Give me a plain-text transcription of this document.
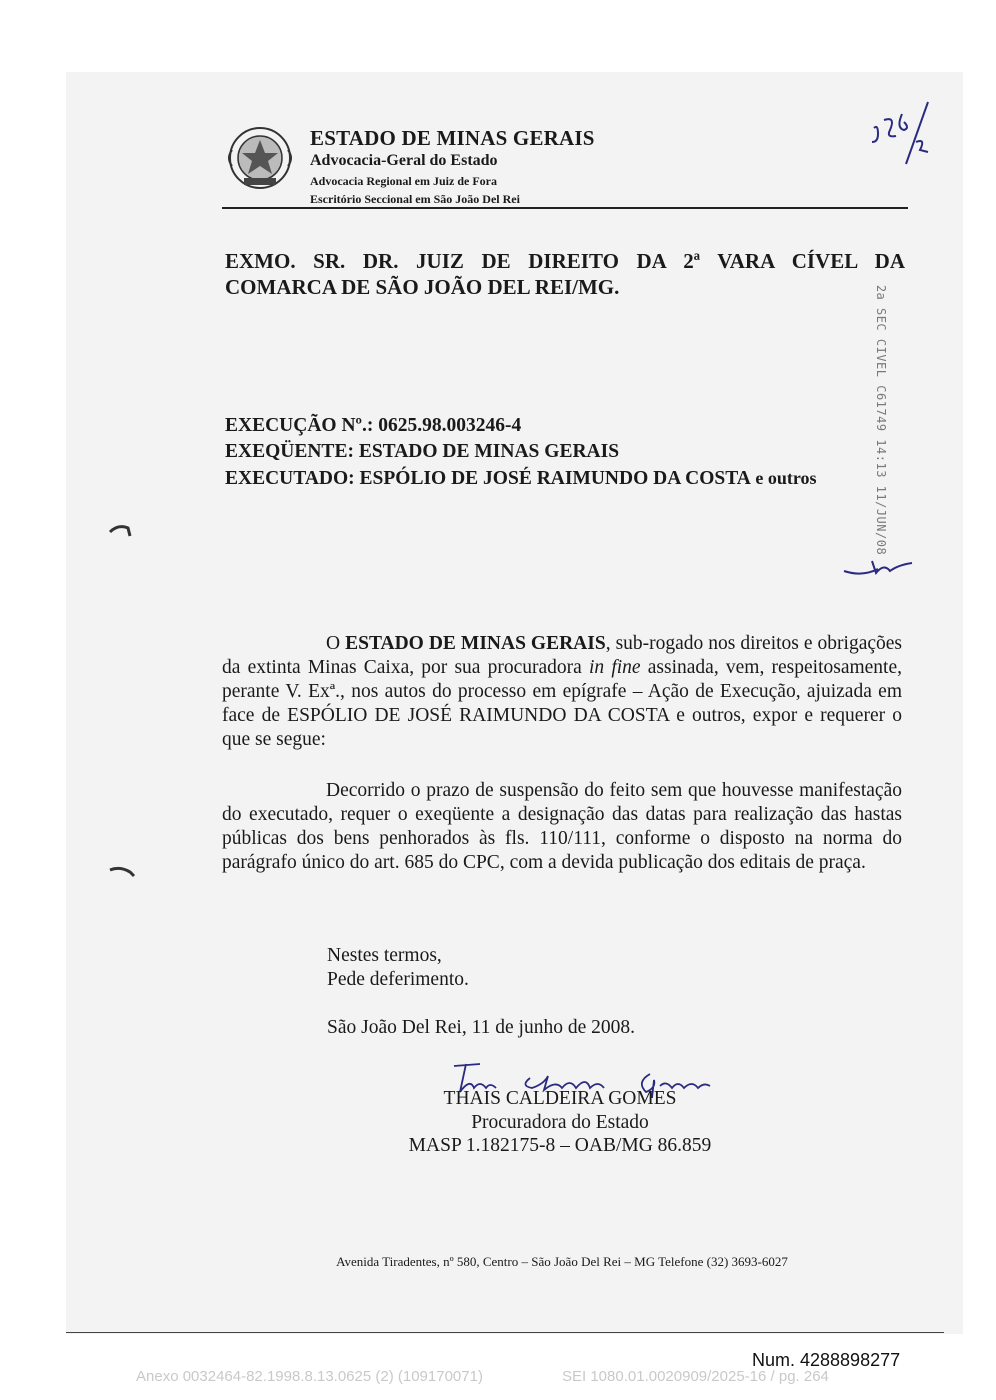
ESTADO DE MINAS GERAIS
Advocacia-Geral do Estado
Advocacia Regional em Juiz de Fora
Escritório Seccional em São João Del Rei
EXMO. SR. DR. JUIZ DE DIREITO DA 2ª VARA CÍVEL DA
COMARCA DE SÃO JOÃO DEL REI/MG.
EXECUÇÃO Nº.: 0625.98.003246-4
EXEQÜENTE: ESTADO DE MINAS GERAIS
EXECUTADO: ESPÓLIO DE JOSÉ RAIMUNDO DA COSTA e outros	2a SEC CIVEL C61749 14:13 11/JUN/08
O ESTADO DE MINAS GERAIS, sub-rogado nos direitos e obrigações da extinta Minas Caixa, por sua procuradora in fine assinada, vem, respeitosamente, perante V. Exª., nos autos do processo em epígrafe – Ação de Execução, ajuizada em face de ESPÓLIO DE JOSÉ RAIMUNDO DA COSTA e outros, expor e requerer o que se segue:
Decorrido o prazo de suspensão do feito sem que houvesse manifestação do executado, requer o exeqüente a designação das datas para realização das hastas públicas dos bens penhorados às fls. 110/111, conforme o disposto na norma do parágrafo único do art. 685 do CPC, com a devida publicação dos editais de praça.
Nestes termos,
Pede deferimento.
São João Del Rei, 11 de junho de 2008.
THAIS CALDEIRA GOMES
Procuradora do Estado
MASP 1.182175-8 – OAB/MG 86.859
Avenida Tiradentes, nº 580, Centro – São João Del Rei – MG Telefone (32) 3693-6027
Num. 4288898277
Anexo 0032464-82.1998.8.13.0625 (2) (109170071)	SEI 1080.01.0020909/2025-16 / pg. 264
